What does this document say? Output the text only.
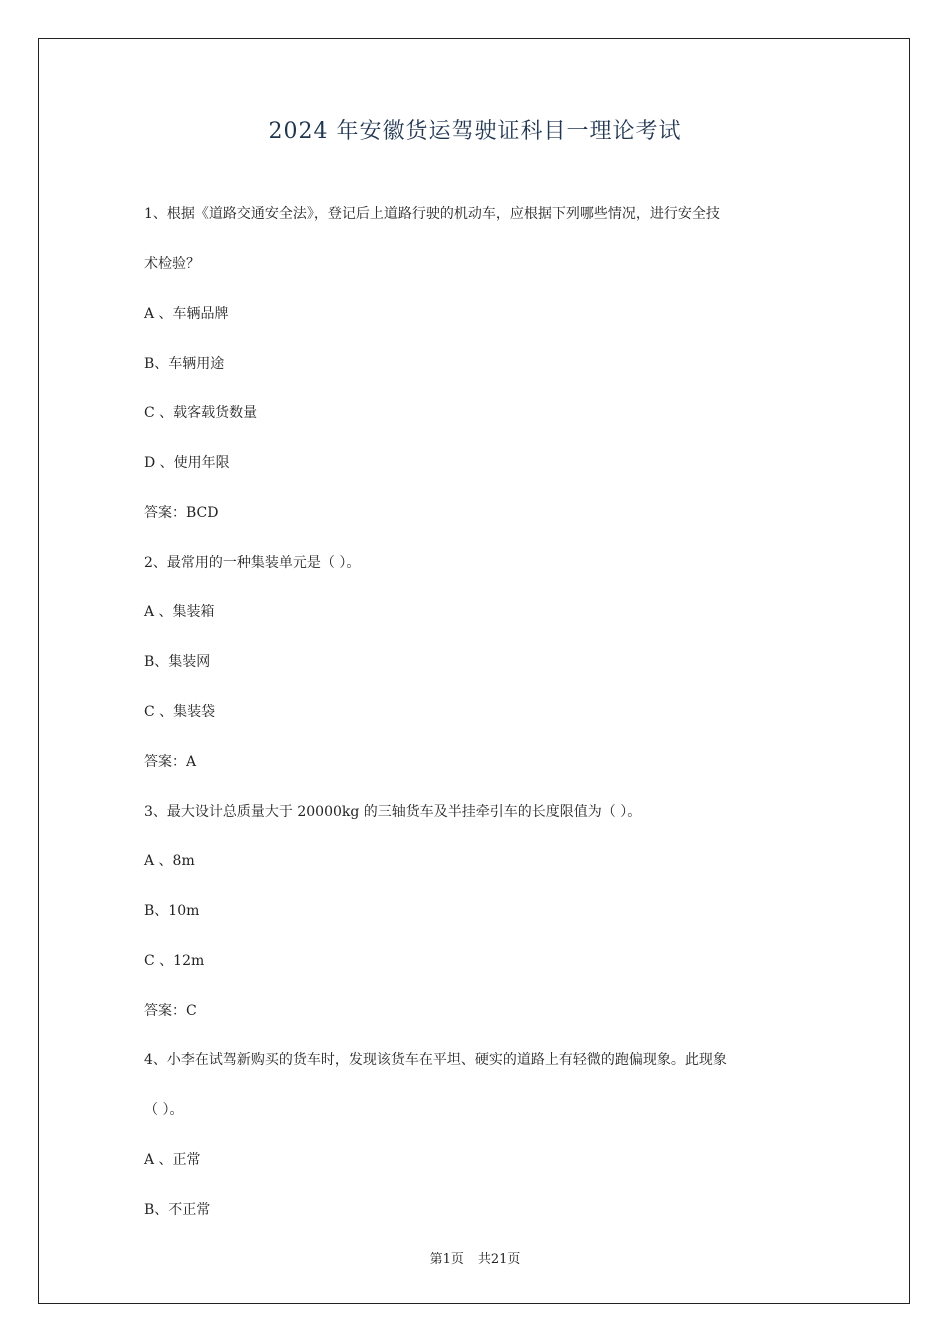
2024 年安徽货运驾驶证科目一理论考试
1、根据《道路交通安全法》，登记后上道路行驶的机动车，应根据下列哪些情况，进行安全技
术检验？
A 、车辆品牌
B、车辆用途
C 、载客载货数量
D 、使用年限
答案：BCD
2、最常用的一种集装单元是（ ）。
A 、集装箱
B、集装网
C 、集装袋
答案：A
3、最大设计总质量大于 20000kg 的三轴货车及半挂牵引车的长度限值为（ ）。
A 、8m
B、10m
C 、12m
答案：C
4、小李在试驾新购买的货车时，发现该货车在平坦、硬实的道路上有轻微的跑偏现象。此现象
（ ）。
A 、正常
B、不正常
第1页 共21页
